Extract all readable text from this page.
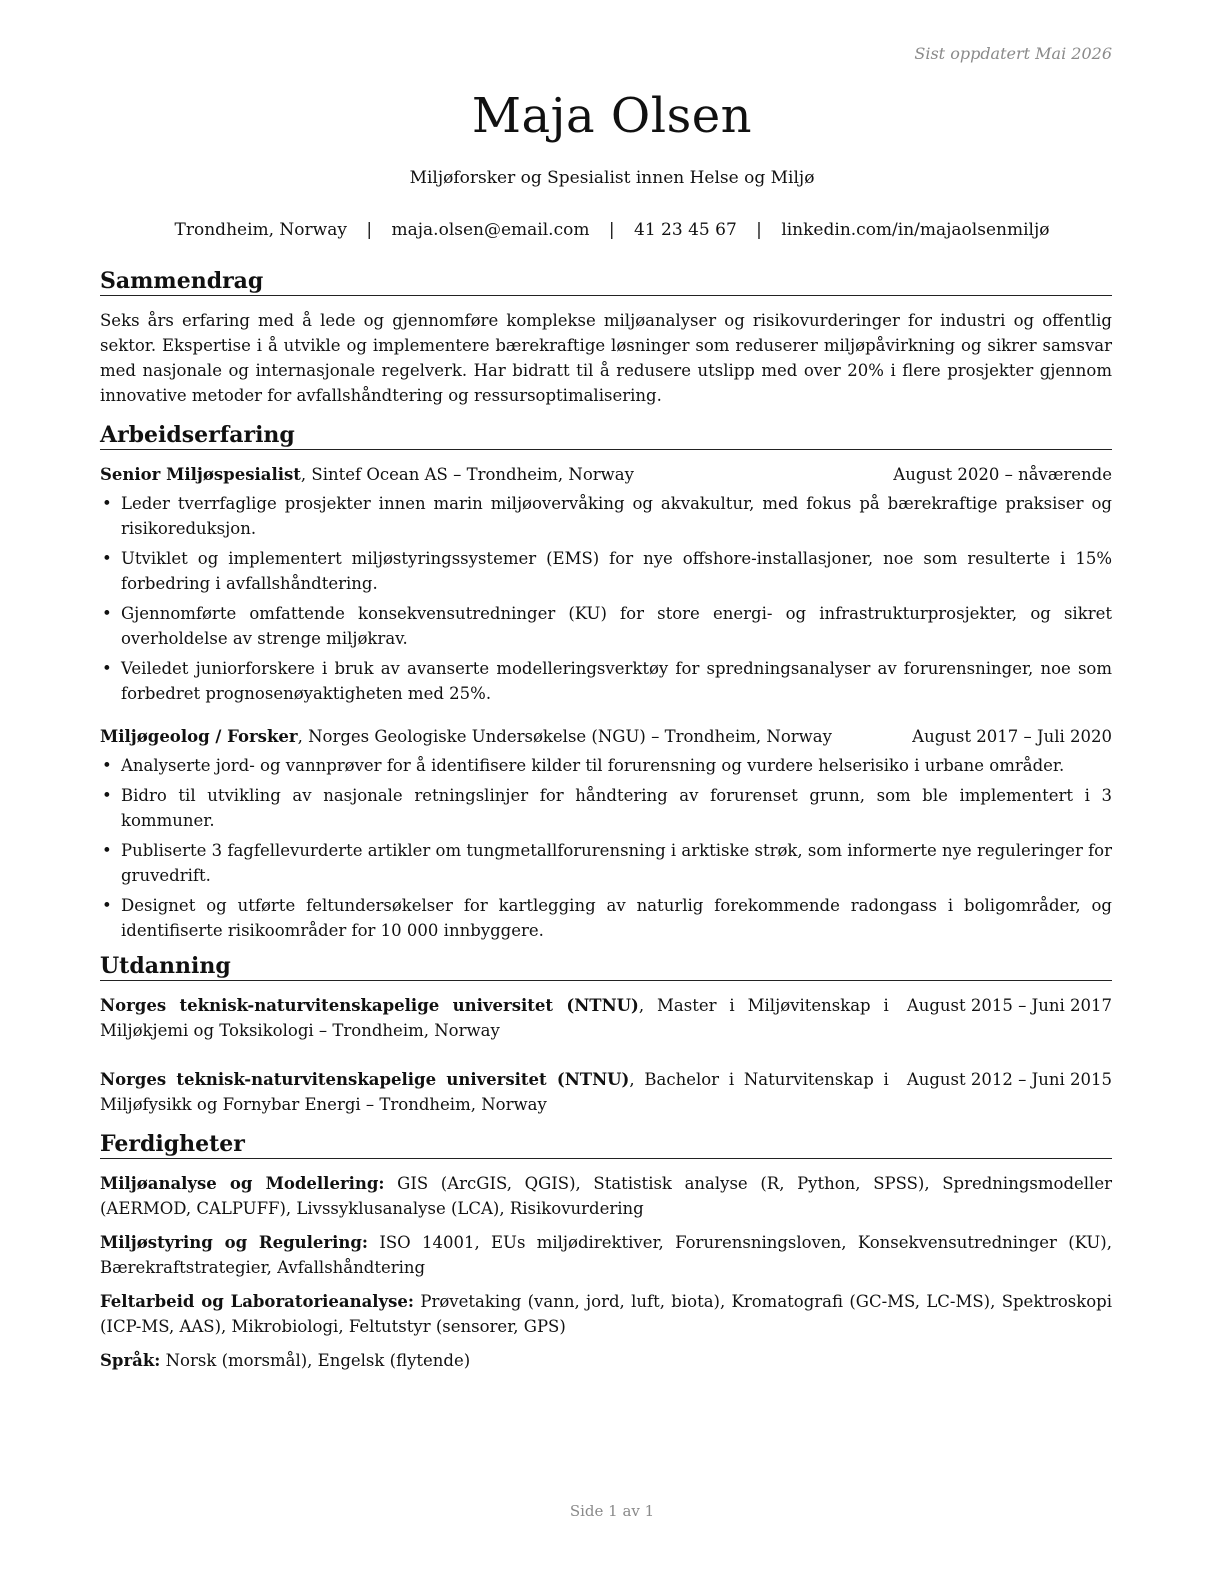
Sist oppdatert Mai 2026
Maja Olsen
Miljøforsker og Spesialist innen Helse og Miljø
Trondheim, Norway | maja.olsen@email.com | 41 23 45 67 | linkedin.com/in/majaolsenmiljø
Sammendrag

Seks års erfaring med å lede og gjennomføre komplekse miljøanalyser og risikovurderinger for industri og offentlig sektor. Ekspertise i å utvikle og implementere bærekraftige løsninger som reduserer miljøpåvirkning og sikrer samsvar med nasjonale og internasjonale regelverk. Har bidratt til å redusere utslipp med over 20% i flere prosjekter gjennom innovative metoder for avfallshåndtering og ressursoptimalisering.

Arbeidserfaring
Senior Miljøspesialist, Sintef Ocean AS – Trondheim, Norway	August 2020 – nåværende
• Leder tverrfaglige prosjekter innen marin miljøovervåking og akvakultur, med fokus på bærekraftige praksiser og risikoreduksjon.
• Utviklet og implementert miljøstyringssystemer (EMS) for nye offshore-installasjoner, noe som resulterte i 15% forbedring i avfallshåndtering.
• Gjennomførte omfattende konsekvensutredninger (KU) for store energi- og infrastrukturprosjekter, og sikret overholdelse av strenge miljøkrav.
• Veiledet juniorforskere i bruk av avanserte modelleringsverktøy for spredningsanalyser av forurensninger, noe som forbedret prognosenøyaktigheten med 25%.
Miljøgeolog / Forsker, Norges Geologiske Undersøkelse (NGU) – Trondheim, Norway	August 2017 – Juli 2020
• Analyserte jord- og vannprøver for å identifisere kilder til forurensning og vurdere helserisiko i urbane områder.
• Bidro til utvikling av nasjonale retningslinjer for håndtering av forurenset grunn, som ble implementert i 3 kommuner.
• Publiserte 3 fagfellevurderte artikler om tungmetallforurensning i arktiske strøk, som informerte nye reguleringer for gruvedrift.
• Designet og utførte feltundersøkelser for kartlegging av naturlig forekommende radongass i boligområder, og identifiserte risikoområder for 10 000 innbyggere.
Utdanning
Norges teknisk-naturvitenskapelige universitet (NTNU), Master i Miljøvitenskap i Miljøkjemi og Toksikologi – Trondheim, Norway
August 2015 – Juni 2017
Norges teknisk-naturvitenskapelige universitet (NTNU), Bachelor i Naturvitenskap i Miljøfysikk og Fornybar Energi – Trondheim, Norway
August 2012 – Juni 2015
Ferdigheter
Miljøanalyse og Modellering: GIS (ArcGIS, QGIS), Statistisk analyse (R, Python, SPSS), Spredningsmodeller (AERMOD, CALPUFF), Livssyklusanalyse (LCA), Risikovurdering
Miljøstyring og Regulering: ISO 14001, EUs miljødirektiver, Forurensningsloven, Konsekvensutredninger (KU), Bærekraftstrategier, Avfallshåndtering
Feltarbeid og Laboratorieanalyse: Prøvetaking (vann, jord, luft, biota), Kromatografi (GC-MS, LC-MS), Spektroskopi (ICP-MS, AAS), Mikrobiologi, Feltutstyr (sensorer, GPS)
Språk: Norsk (morsmål), Engelsk (flytende)
Side 1 av 1
